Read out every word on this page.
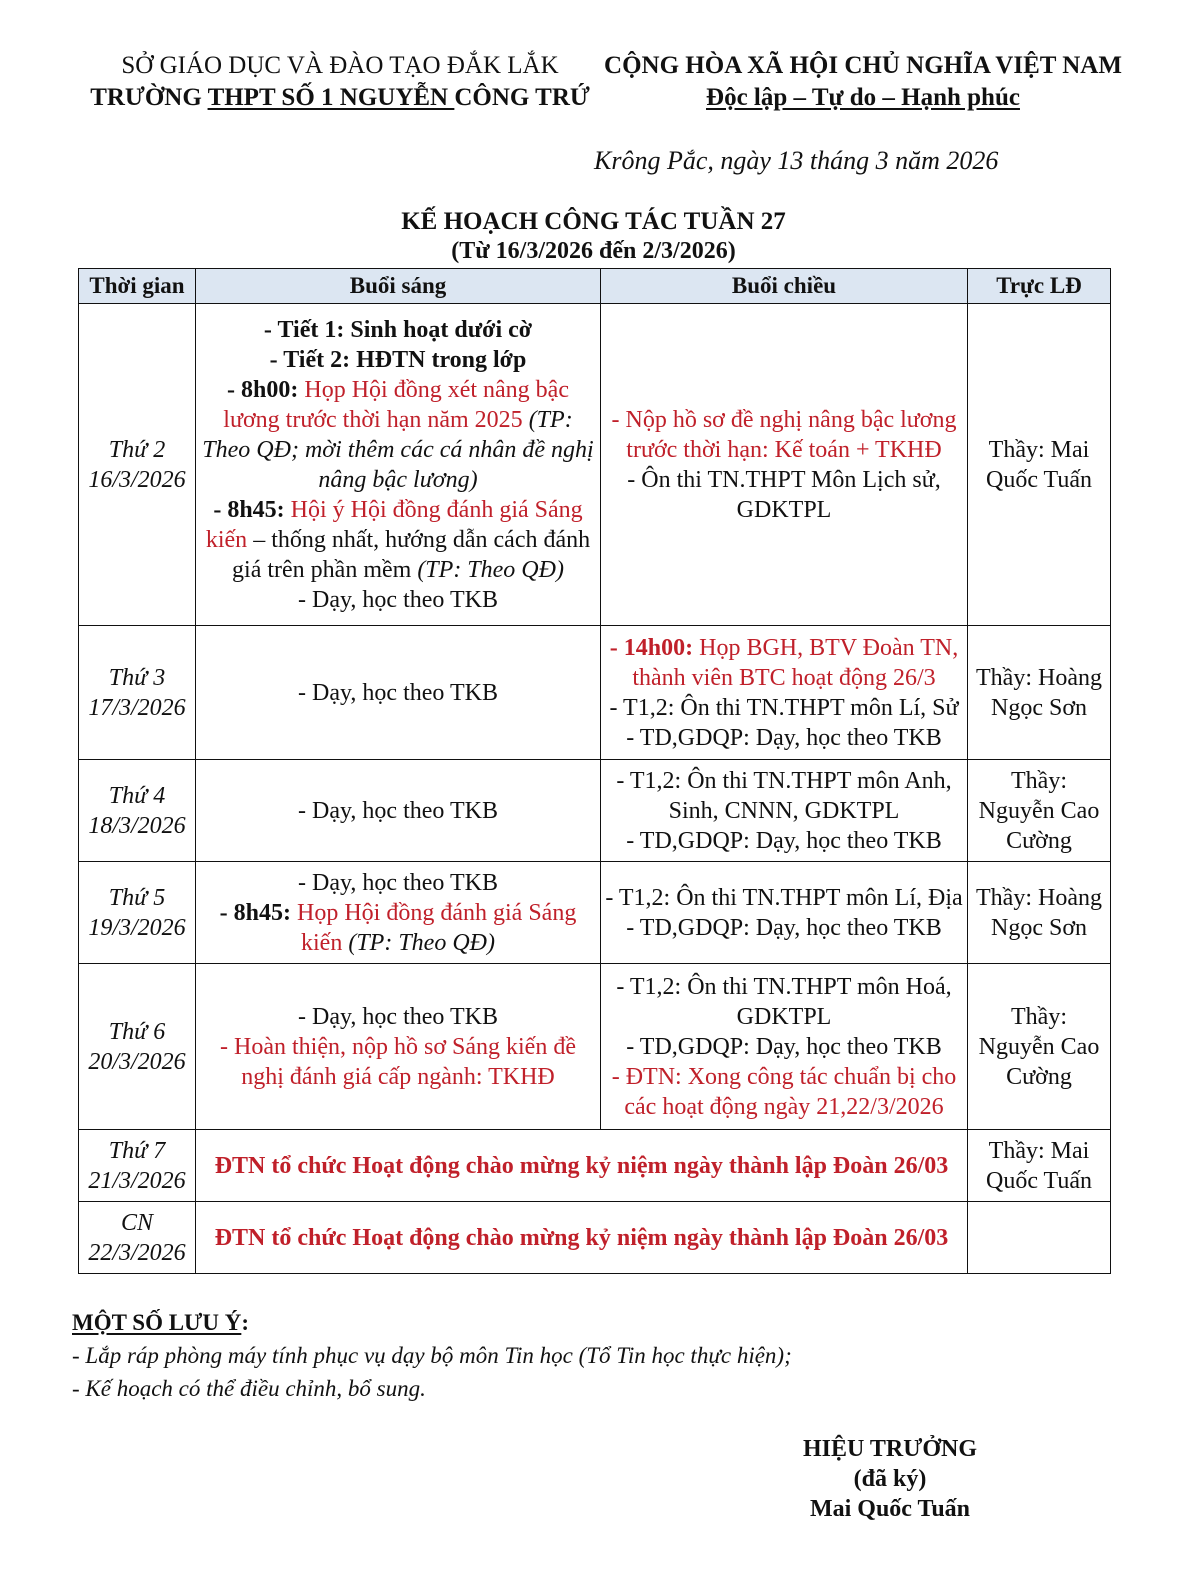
SỞ GIÁO DỤC VÀ ĐÀO TẠO ĐẮK LẮK
TRƯỜNG THPT SỐ 1 NGUYỄN CÔNG TRỨ
CỘNG HÒA XÃ HỘI CHỦ NGHĨA VIỆT NAM
Độc lập – Tự do – Hạnh phúc
Krông Pắc, ngày 13 tháng 3 năm 2026
KẾ HOẠCH CÔNG TÁC TUẦN 27
(Từ 16/3/2026 đến 2/3/2026)
Thời gian	Buổi sáng	Buổi chiều	Trực LĐ

Thứ 2
16/3/2026	- Tiết 1: Sinh hoạt dưới cờ
- Tiết 2: HĐTN trong lớp
- 8h00: Họp Hội đồng xét nâng bậc lương trước thời hạn năm 2025 (TP: Theo QĐ; mời thêm các cá nhân đề nghị nâng bậc lương)
- 8h45: Hội ý Hội đồng đánh giá Sáng kiến – thống nhất, hướng dẫn cách đánh giá trên phần mềm (TP: Theo QĐ)
- Dạy, học theo TKB	- Nộp hồ sơ đề nghị nâng bậc lương trước thời hạn: Kế toán + TKHĐ
- Ôn thi TN.THPT Môn Lịch sử, GDKTPL	Thầy: Mai Quốc Tuấn

Thứ 3
17/3/2026	- Dạy, học theo TKB	- 14h00: Họp BGH, BTV Đoàn TN, thành viên BTC hoạt động 26/3
- T1,2: Ôn thi TN.THPT môn Lí, Sử
- TD,GDQP: Dạy, học theo TKB	Thầy: Hoàng Ngọc Sơn

Thứ 4
18/3/2026	- Dạy, học theo TKB	- T1,2: Ôn thi TN.THPT môn Anh, Sinh, CNNN, GDKTPL
- TD,GDQP: Dạy, học theo TKB	Thầy: Nguyễn Cao Cường

Thứ 5
19/3/2026	- Dạy, học theo TKB
- 8h45: Họp Hội đồng đánh giá Sáng kiến (TP: Theo QĐ)	- T1,2: Ôn thi TN.THPT môn Lí, Địa
- TD,GDQP: Dạy, học theo TKB	Thầy: Hoàng Ngọc Sơn

Thứ 6
20/3/2026	- Dạy, học theo TKB
- Hoàn thiện, nộp hồ sơ Sáng kiến đề nghị đánh giá cấp ngành: TKHĐ	- T1,2: Ôn thi TN.THPT môn Hoá, GDKTPL
- TD,GDQP: Dạy, học theo TKB
- ĐTN: Xong công tác chuẩn bị cho các hoạt động ngày 21,22/3/2026	Thầy: Nguyễn Cao Cường

Thứ 7
21/3/2026	ĐTN tổ chức Hoạt động chào mừng kỷ niệm ngày thành lập Đoàn 26/03		Thầy: Mai Quốc Tuấn

CN
22/3/2026	ĐTN tổ chức Hoạt động chào mừng kỷ niệm ngày thành lập Đoàn 26/03		
MỘT SỐ LƯU Ý:
- Lắp ráp phòng máy tính phục vụ dạy bộ môn Tin học (Tổ Tin học thực hiện);
- Kế hoạch có thể điều chỉnh, bổ sung.
HIỆU TRƯỞNG
(đã ký)
Mai Quốc Tuấn
